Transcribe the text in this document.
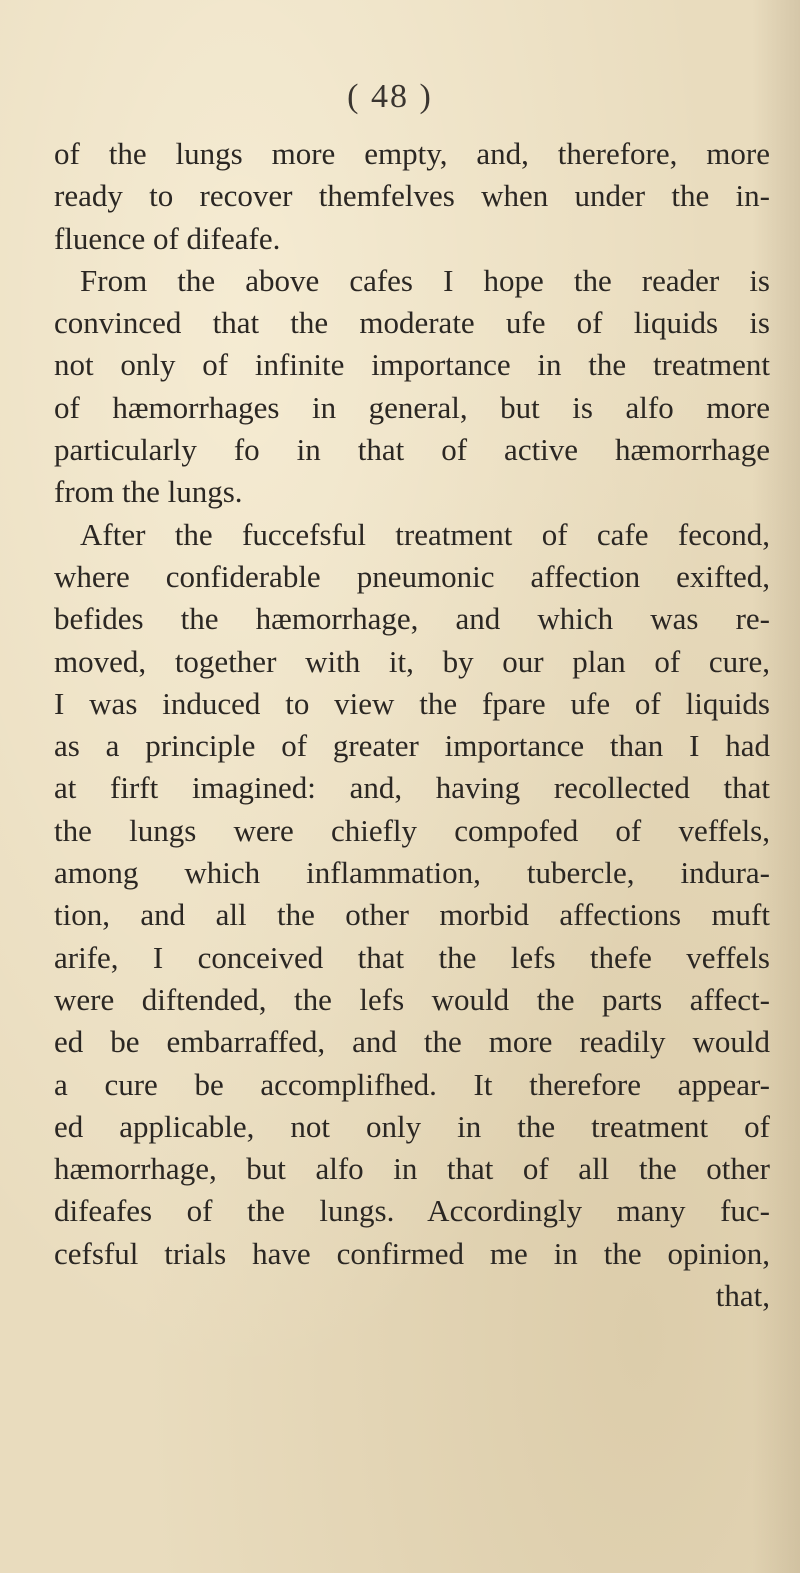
( 48 )
of the lungs more empty, and, therefore, more
ready to recover themfelves when under the in-
fluence of difeafe.
From the above cafes I hope the reader is
convinced that the moderate ufe of liquids is
not only of infinite importance in the treatment
of hæmorrhages in general, but is alfo more
particularly fo in that of active hæmorrhage
from the lungs.
After the fuccefsful treatment of cafe fecond,
where confiderable pneumonic affection exifted,
befides the hæmorrhage, and which was re-
moved, together with it, by our plan of cure,
I was induced to view the fpare ufe of liquids
as a principle of greater importance than I had
at firft imagined: and, having recollected that
the lungs were chiefly compofed of veffels,
among which inflammation, tubercle, indura-
tion, and all the other morbid affections muft
arife, I conceived that the lefs thefe veffels
were diftended, the lefs would the parts affect-
ed be embarraffed, and the more readily would
a cure be accomplifhed. It therefore appear-
ed applicable, not only in the treatment of
hæmorrhage, but alfo in that of all the other
difeafes of the lungs. Accordingly many fuc-
cefsful trials have confirmed me in the opinion,
that,
